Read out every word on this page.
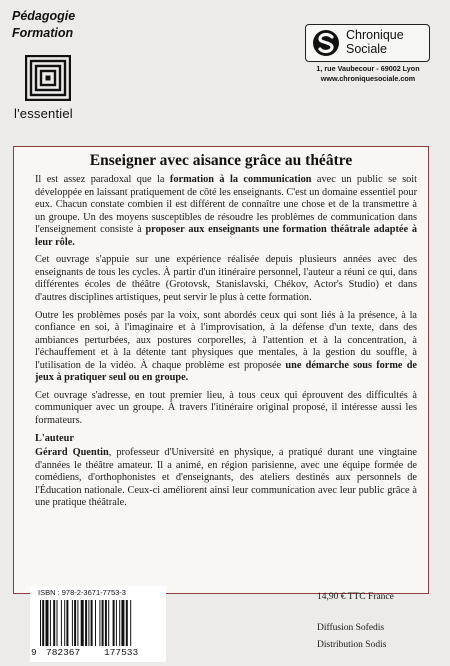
Pédagogie
Formation
l'essentiel
Chronique
Sociale
1, rue Vaubecour - 69002 Lyon
www.chroniquesociale.com
Enseigner avec aisance grâce au théâtre

Il est assez paradoxal que la formation à la communication avec un public se soit développée en laissant pratiquement de côté les enseignants. C'est un domaine essentiel pour eux. Chacun constate combien il est différent de connaître une chose et de la transmettre à un groupe. Un des moyens susceptibles de résoudre les problèmes de communication dans l'enseignement consiste à proposer aux enseignants une formation théâtrale adaptée à leur rôle.

Cet ouvrage s'appuie sur une expérience réalisée depuis plusieurs années avec des enseignants de tous les cycles. À partir d'un itinéraire personnel, l'auteur a réuni ce qui, dans différentes écoles de théâtre (Grotovsk, Stanislavski, Chékov, Actor's Studio) et dans d'autres disciplines artistiques, peut servir le plus à cette formation.

Outre les problèmes posés par la voix, sont abordés ceux qui sont liés à la présence, à la confiance en soi, à l'imaginaire et à l'improvisation, à la défense d'un texte, dans des ambiances perturbées, aux postures corporelles, à l'attention et à la concentration, à l'échauffement et à la détente tant physiques que mentales, à la gestion du souffle, à l'utilisation de la vidéo. À chaque problème est proposée une démarche sous forme de jeux à pratiquer seul ou en groupe.

Cet ouvrage s'adresse, en tout premier lieu, à tous ceux qui éprouvent des difficultés à communiquer avec un groupe. À travers l'itinéraire original proposé, il intéresse aussi les formateurs.

L'auteur

Gérard Quentin, professeur d'Université en physique, a pratiqué durant une vingtaine d'années le théâtre amateur. Il a animé, en région parisienne, avec une équipe formée de comédiens, d'orthophonistes et d'enseignants, des ateliers destinés aux personnels de l'Éducation nationale. Ceux-ci améliorent ainsi leur communication avec leur public grâce à une pratique théâtrale.

ISBN : 978-2-3671-7753-3
9 782367	177533
14,90 € TTC France
Diffusion Sofedis
Distribution Sodis
